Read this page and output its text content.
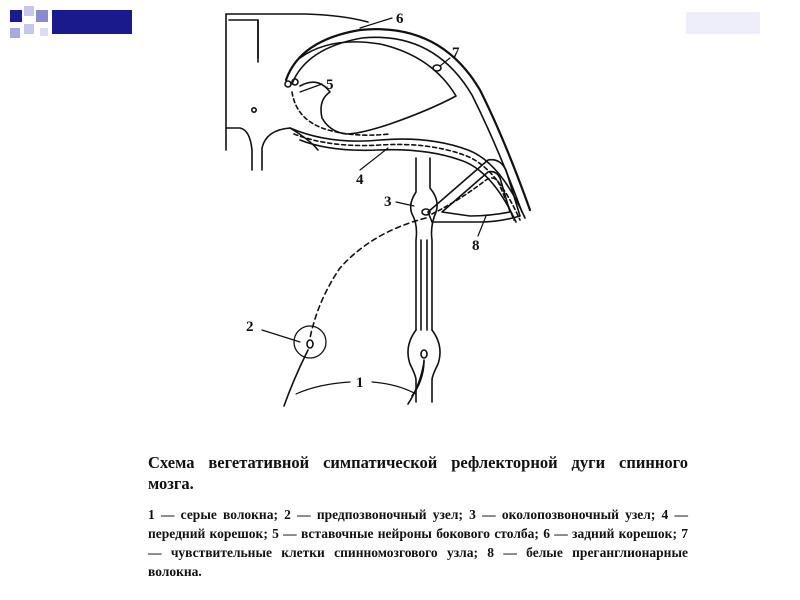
6
7
5
4
3
8
2
1

Схема вегетативной симпатической рефлекторной дуги спинного мозга.

1 — серые волокна; 2 — предпозвоночный узел; 3 — околопозвоночный узел; 4 — передний корешок; 5 — вставочные нейроны бокового столба; 6 — задний корешок; 7 — чувствительные клетки спинномозгового узла; 8 — белые преганглионарные волокна.
